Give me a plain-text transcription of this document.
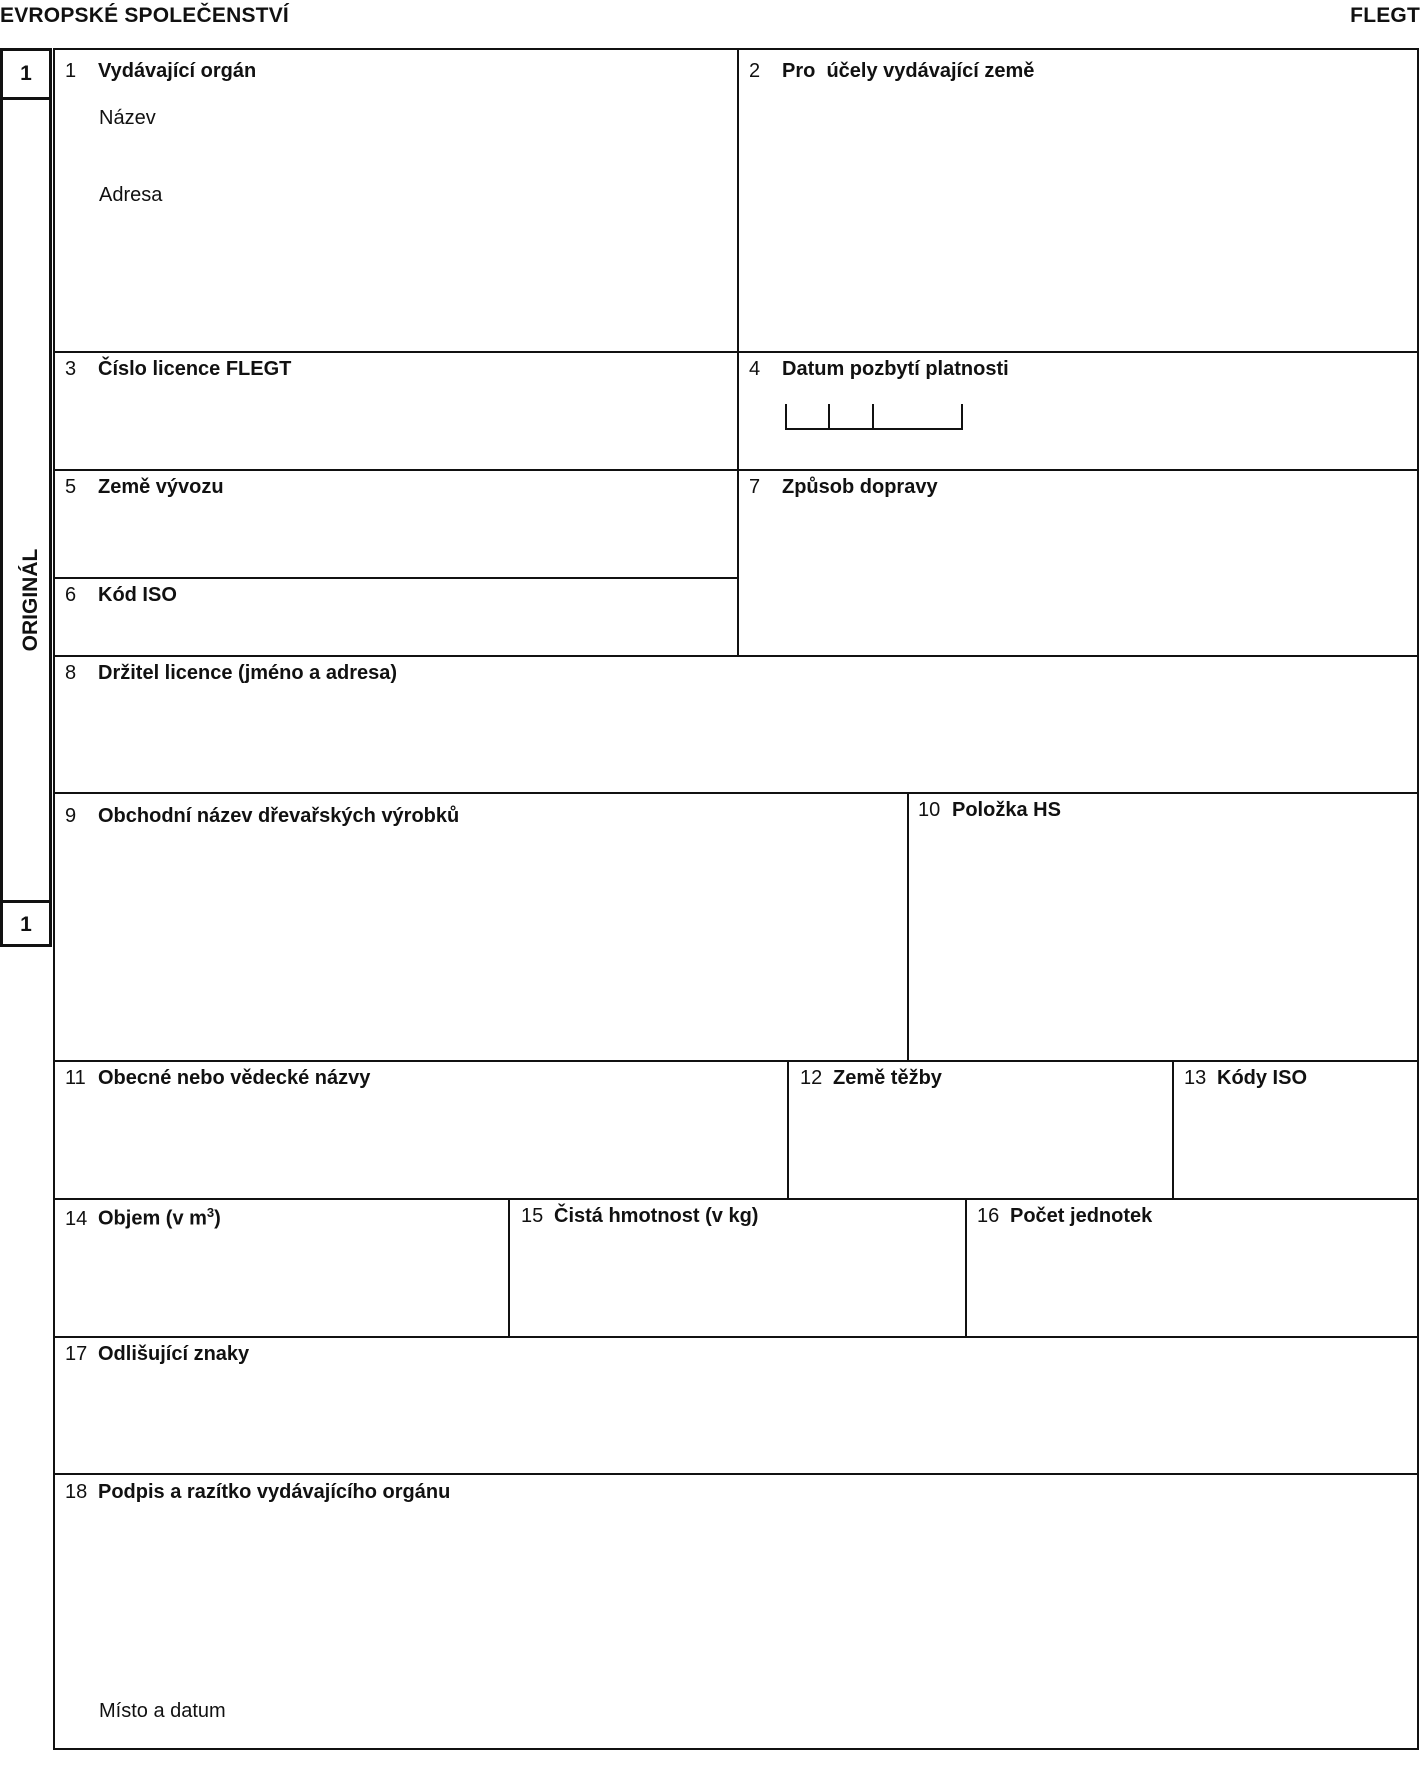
EVROPSKÉ SPOLEČENSTVÍ	FLEGT
1
ORIGINÁL
1
1 Vydávající orgán
Název
Adresa
2 Pro  účely vydávající země
3 Číslo licence FLEGT	4 Datum pozbytí platnosti
5 Země vývozu
6 Kód ISO
7 Způsob dopravy
8 Držitel licence (jméno a adresa)
9 Obchodní název dřevařských výrobků	10 Položka HS
11 Obecné nebo vědecké názvy	12 Země těžby	13 Kódy ISO
14 Objem (v $m^3$)	15 Čistá hmotnost (v kg)	16 Počet jednotek
17 Odlišující znaky
18 Podpis a razítko vydávajícího orgánu
Místo a datum
